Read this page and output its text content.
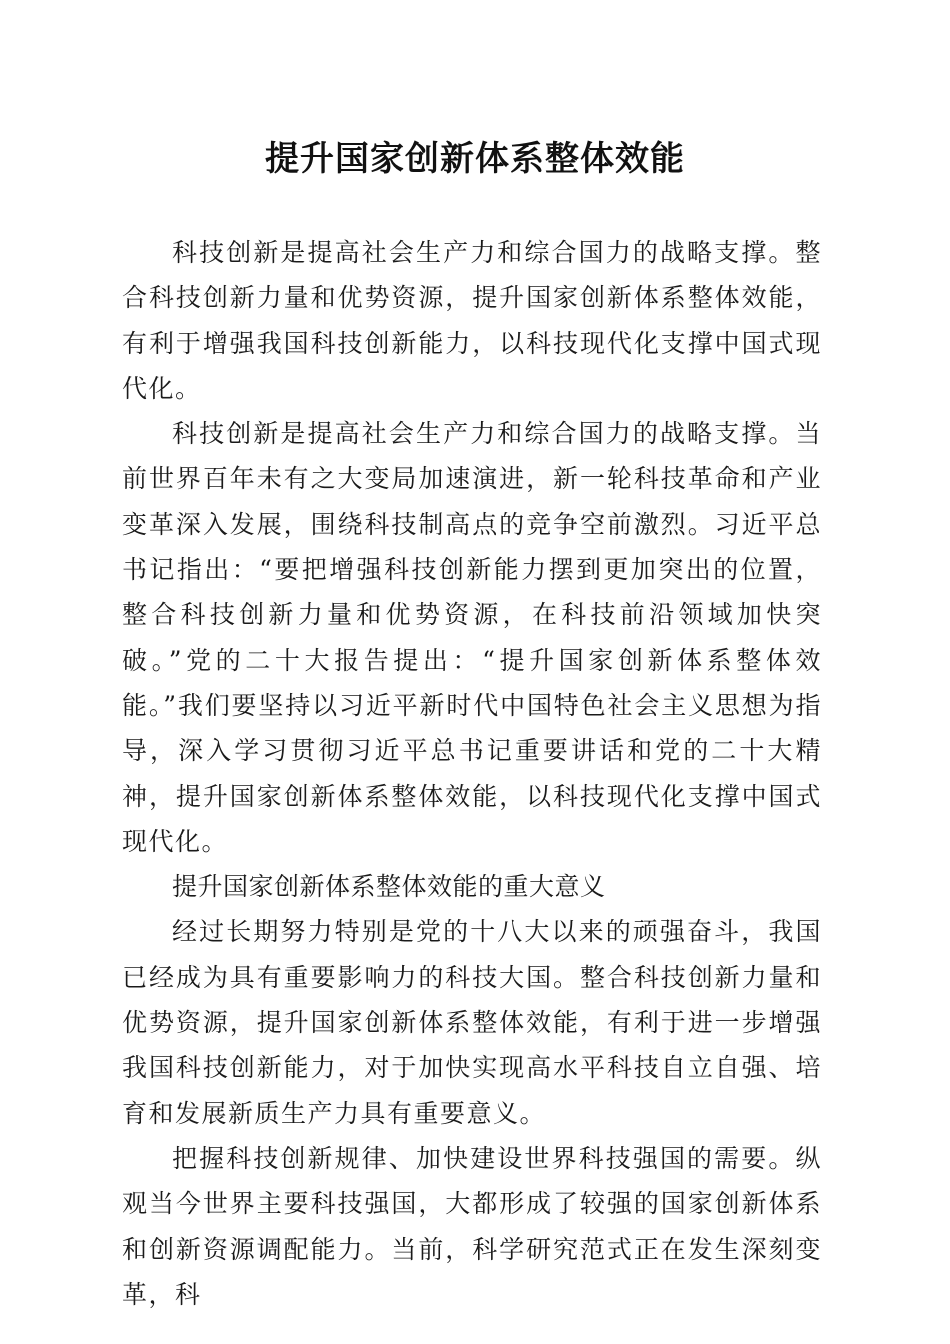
提升国家创新体系整体效能

科技创新是提高社会生产力和综合国力的战略支撑。整合科技创新力量和优势资源，提升国家创新体系整体效能，有利于增强我国科技创新能力，以科技现代化支撑中国式现代化。

科技创新是提高社会生产力和综合国力的战略支撑。当前世界百年未有之大变局加速演进，新一轮科技革命和产业变革深入发展，围绕科技制高点的竞争空前激烈。习近平总书记指出：“要把增强科技创新能力摆到更加突出的位置，整合科技创新力量和优势资源，在科技前沿领域加快突破。”党的二十大报告提出：“提升国家创新体系整体效能。”我们要坚持以习近平新时代中国特色社会主义思想为指导，深入学习贯彻习近平总书记重要讲话和党的二十大精神，提升国家创新体系整体效能，以科技现代化支撑中国式现代化。

提升国家创新体系整体效能的重大意义

经过长期努力特别是党的十八大以来的顽强奋斗，我国已经成为具有重要影响力的科技大国。整合科技创新力量和优势资源，提升国家创新体系整体效能，有利于进一步增强我国科技创新能力，对于加快实现高水平科技自立自强、培育和发展新质生产力具有重要意义。

把握科技创新规律、加快建设世界科技强国的需要。纵观当今世界主要科技强国，大都形成了较强的国家创新体系和创新资源调配能力。当前，科学研究范式正在发生深刻变革，科
